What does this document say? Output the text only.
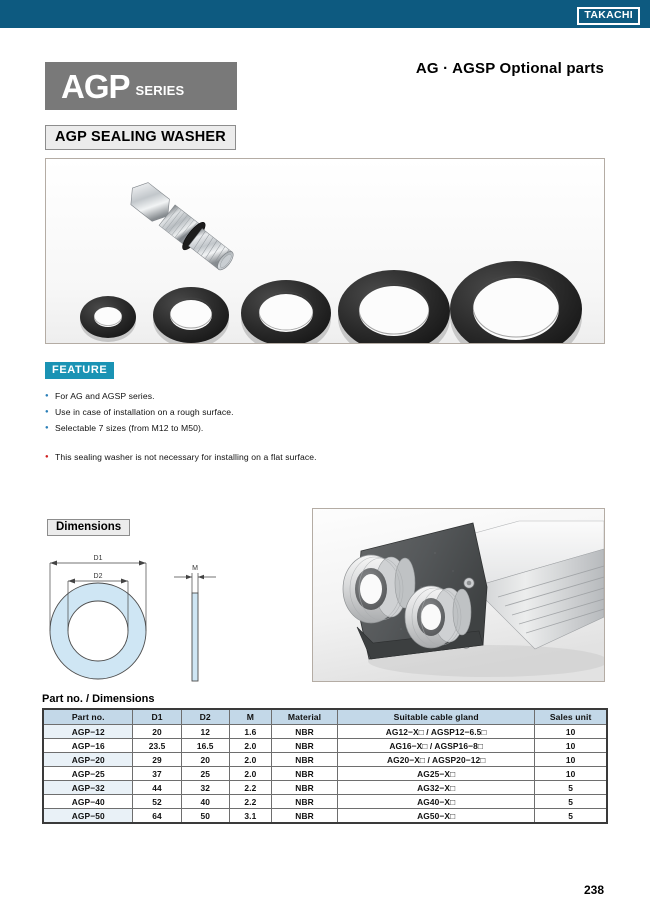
TAKACHI
AG · AGSP Optional parts
AGP SERIES
AGP SEALING WASHER
FEATURE
● For AG and AGSP series.
● Use in case of installation on a rough surface.
● Selectable 7 sizes (from M12 to M50).
● This sealing washer is not necessary for installing on a flat surface.
Dimensions
D1
D2
M
Part no. / Dimensions
Part no.	D1	D2	M	Material	Suitable cable gland	Sales unit
AGP−12	20	12	1.6	NBR	AG12−X□ / AGSP12−6.5□	10
AGP−16	23.5	16.5	2.0	NBR	AG16−X□ / AGSP16−8□	10
AGP−20	29	20	2.0	NBR	AG20−X□ / AGSP20−12□	10
AGP−25	37	25	2.0	NBR	AG25−X□	10
AGP−32	44	32	2.2	NBR	AG32−X□	5
AGP−40	52	40	2.2	NBR	AG40−X□	5
AGP−50	64	50	3.1	NBR	AG50−X□	5
238
